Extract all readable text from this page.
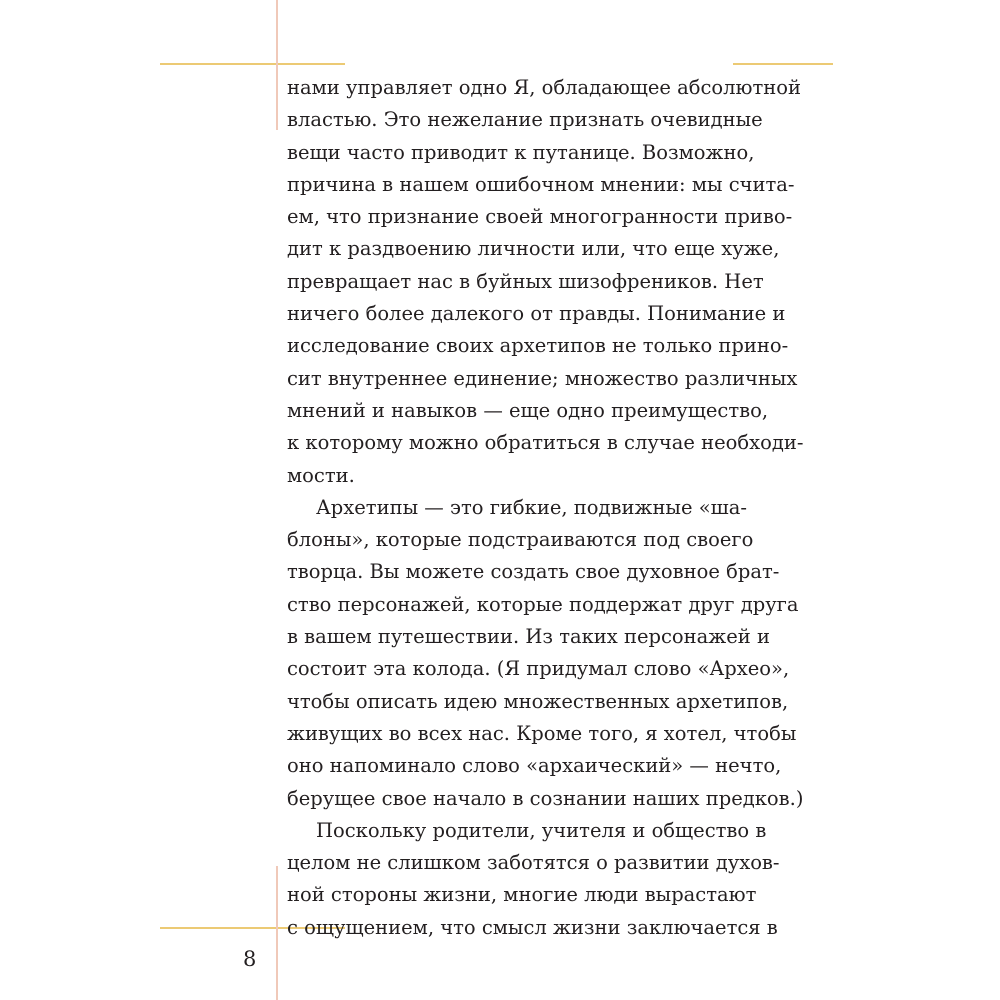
нами управляет одно Я, обладающее абсолютной
властью. Это нежелание признать очевидные
вещи часто приводит к путанице. Возможно,
причина в нашем ошибочном мнении: мы счита-
ем, что признание своей многогранности приво-
дит к раздвоению личности или, что еще хуже,
превращает нас в буйных шизофреников. Нет
ничего более далекого от правды. Понимание и
исследование своих архетипов не только прино-
сит внутреннее единение; множество различных
мнений и навыков — еще одно преимущество,
к которому можно обратиться в случае необходи-
мости.
Архетипы — это гибкие, подвижные «ша-
блоны», которые подстраиваются под своего
творца. Вы можете создать свое духовное брат-
ство персонажей, которые поддержат друг друга
в вашем путешествии. Из таких персонажей и
состоит эта колода. (Я придумал слово «Архео»,
чтобы описать идею множественных архетипов,
живущих во всех нас. Кроме того, я хотел, чтобы
оно напоминало слово «архаический» — нечто,
берущее свое начало в сознании наших предков.)
Поскольку родители, учителя и общество в
целом не слишком заботятся о развитии духов-
ной стороны жизни, многие люди вырастают
с ощущением, что смысл жизни заключается в
8
